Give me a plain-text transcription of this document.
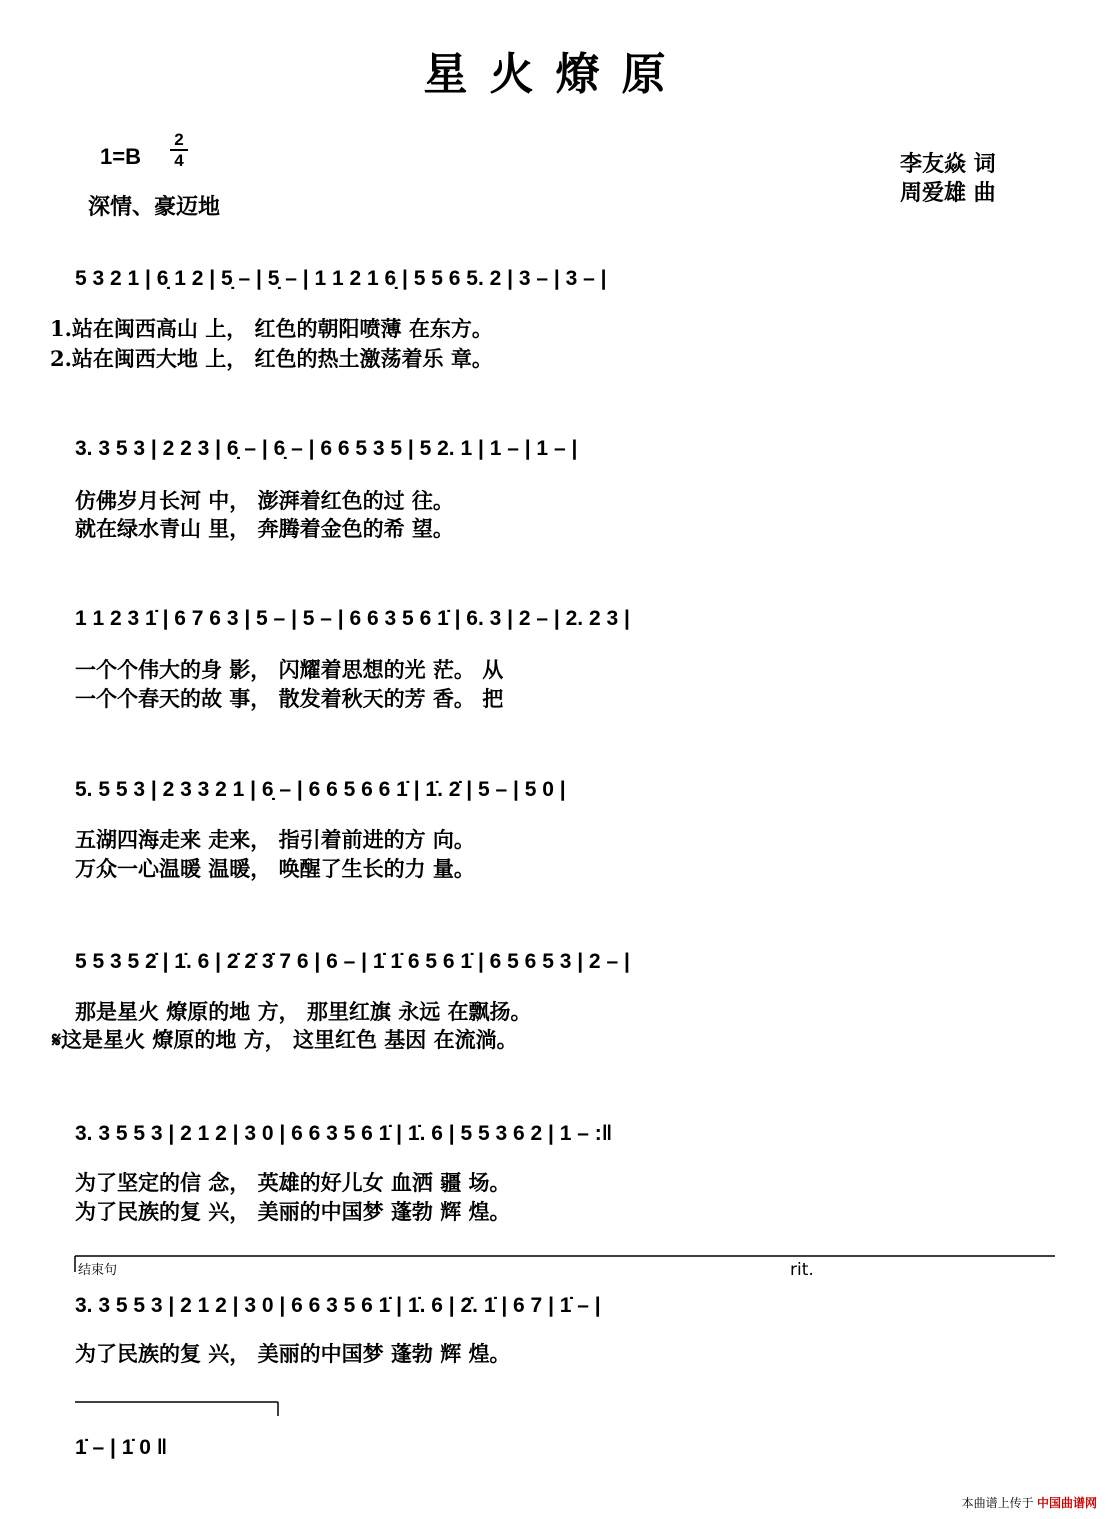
星火燎原
$1=B \frac{2}{4}$
深情、豪迈地
李友焱 词
周爱雄 曲
5 3 2 1 | 6̣ 1 2 | 5̣ – | 5̣ – | 1 1 2 1 6̣ | 5 5 6 5. 2 | 3 – | 3 – |
1.站在闽西高山 上， 红色的朝阳喷薄 在东方。
2.站在闽西大地 上， 红色的热土激荡着乐 章。
3. 3 5 3 | 2 2 3 | 6̣ – | 6̣ – | 6 6 5 3 5 | 5 2. 1 | 1 – | 1 – |
仿佛岁月长河 中， 澎湃着红色的过 往。
就在绿水青山 里， 奔腾着金色的希 望。
1 1 2 3 1̇ | 6 7 6 3 | 5 – | 5 – | 6 6 3 5 6 1̇ | 6. 3 | 2 – | 2. 2 3 |
一个个伟大的身 影， 闪耀着思想的光 茫。 从
一个个春天的故 事， 散发着秋天的芳 香。 把
5. 5 5 3 | 2 3 3 2 1 | 6̣ – | 6 6 5 6 6 1̇ | 1̇. 2̇ | 5 – | 5 0 |
五湖四海走来 走来， 指引着前进的方 向。
万众一心温暖 温暖， 唤醒了生长的力 量。
5 5 3 5 2̇ | 1̇. 6 | 2̇ 2̇ 3̇ 7 6 | 6 – | 1̇ 1̇ 6 5 6 1̇ | 6 5 6 5 3 | 2 – |
那是星火 燎原的地 方， 那里红旗 永远 在飘扬。
𝄋这是星火 燎原的地 方， 这里红色 基因 在流淌。
3. 3 5 5 3 | 2 1 2 | 3 0 | 6 6 3 5 6 1̇ | 1̇. 6 | 5 5 3 6 2 | 1 – :‖
为了坚定的信 念， 英雄的好儿女 血洒 疆 场。
为了民族的复 兴， 美丽的中国梦 蓬勃 辉 煌。
结束句	rit.
3. 3 5 5 3 | 2 1 2 | 3 0 | 6 6 3 5 6 1̇ | 1̇. 6 | 2̇. 1̇ | 6 7 | 1̇ – |
为了民族的复 兴， 美丽的中国梦 蓬勃 辉 煌。
1̇ – | 1̇ 0 ‖
本曲谱上传于 中国曲谱网
